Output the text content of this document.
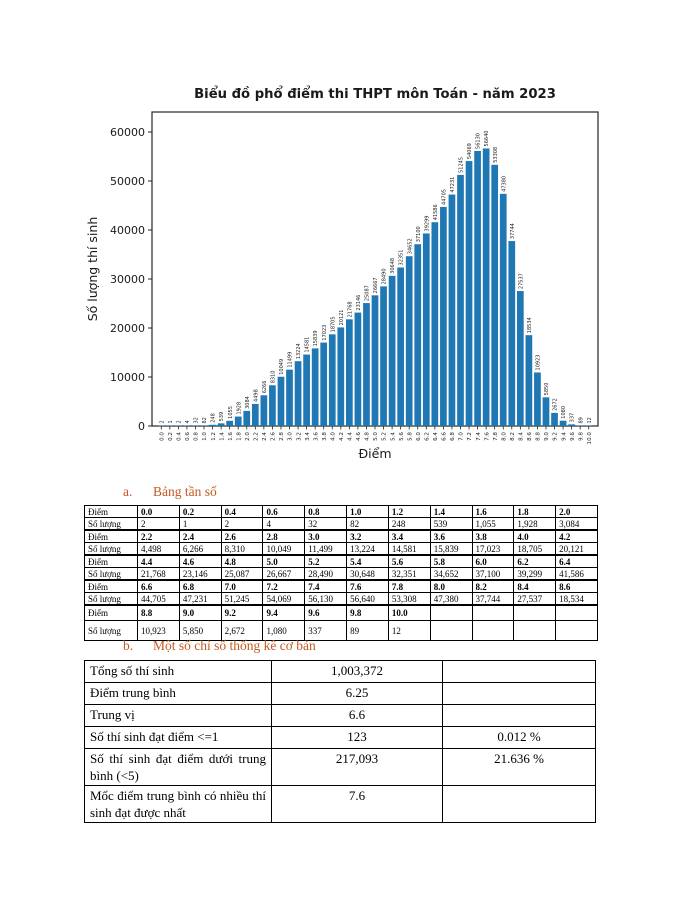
Biểu đồ phổ điểm thi THPT môn Toán - năm 2023
0
10000
20000
30000
40000
50000
60000
2
0.0
1
0.2
2
0.4
4
0.6
32
0.8
82
1.0
248
1.2
539
1.4
1055
1.6
1928
1.8
3084
2.0
4498
2.2
6266
2.4
8310
2.6
10049
2.8
11499
3.0
13224
3.2
14581
3.4
15839
3.6
17023
3.8
18705
4.0
20121
4.2
21768
4.4
23146
4.6
25087
4.8
26667
5.0
28490
5.2
30648
5.4
32351
5.6
34652
5.8
37100
6.0
39299
6.2
41586
6.4
44705
6.6
47231
6.8
51245
7.0
54069
7.2
56130
7.4
56640
7.6
53308
7.8
47380
8.0
37744
8.2
27537
8.4
18534
8.6
10923
8.8
5850
9.0
2672
9.2
1080
9.4
337
9.6
89
9.8
12
10.0
Điểm
Số lượng thí sinh
a. Bảng tần số
Điểm	0.0	0.2	0.4	0.6	0.8	1.0	1.2	1.4	1.6	1.8	2.0
Số lượng	2	1	2	4	32	82	248	539	1,055	1,928	3,084
Điểm	2.2	2.4	2.6	2.8	3.0	3.2	3.4	3.6	3.8	4.0	4.2
Số lượng	4,498	6,266	8,310	10,049	11,499	13,224	14,581	15,839	17,023	18,705	20,121
Điểm	4.4	4.6	4.8	5.0	5.2	5.4	5.6	5.8	6.0	6.2	6.4
Số lượng	21,768	23,146	25,087	26,667	28,490	30,648	32,351	34,652	37,100	39,299	41,586
Điểm	6.6	6.8	7.0	7.2	7.4	7.6	7.8	8.0	8.2	8.4	8.6
Số lượng	44,705	47,231	51,245	54,069	56,130	56,640	53,308	47,380	37,744	27,537	18,534
Điểm	8.8	9.0	9.2	9.4	9.6	9.8	10.0				
Số lượng	10,923	5,850	2,672	1,080	337	89	12				
b. Một số chỉ số thống kê cơ bản
Tổng số thí sinh	1,003,372	
Điểm trung bình	6.25	
Trung vị	6.6	
Số thí sinh đạt điểm <=1	123	0.012 %
Số thí sinh đạt điểm dưới trung bình (<5)	217,093	21.636 %
Mốc điểm trung bình có nhiều thí sinh đạt được nhất	7.6	
